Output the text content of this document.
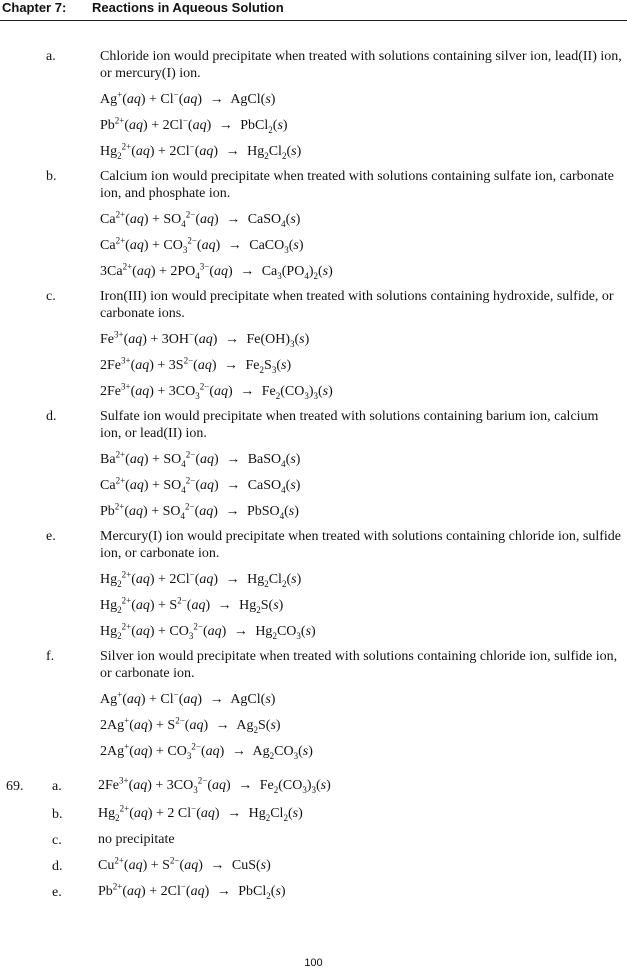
Chapter 7: Reactions in Aqueous Solution
a.	Chloride ion would precipitate when treated with solutions containing silver ion, lead(II) ion, or mercury(I) ion.
Ag+(aq) + Cl−(aq) → AgCl(s)
$Pb^{2+}(aq) + 2Cl^-(aq)$ → PbCl$_2$(s)
$Hg_2^{2+}(aq) + 2Cl^-(aq) \to Hg_2Cl_2(s)$
b.	Calcium ion would precipitate when treated with solutions containing sulfate ion, carbonate ion, and phosphate ion.
$Ca^{2+}(aq) + SO_4^{2-}(aq)$ → CaSO$_4$(s)
$Ca^{2+}(aq) + CO_3^{2-}(aq)$ → CaCO$_3$(s)
$3Ca^{2+}(aq) + 2PO_4^{3-}(aq) \to Ca_3(PO_4)_2(s)$
c.	Iron(III) ion would precipitate when treated with solutions containing hydroxide, sulfide, or carbonate ions.
$Fe^{3+}(aq) + 3OH^-(aq) \to Fe(OH)_3(s)$
$2Fe^{3+}(aq) + 3S^{2-}(aq) \to Fe_2S_3(s)$
$2Fe^{3+}(aq) + 3CO_3^{2-}(aq) \to Fe_2(CO_3)_3(s)$
d.	Sulfate ion would precipitate when treated with solutions containing barium ion, calcium ion, or lead(II) ion.
$Ba^{2+}(aq) + SO_4^{2-}(aq)$ → BaSO$_4$(s)
$Ca^{2+}(aq) + SO_4^{2-}(aq)$ → CaSO$_4$(s)
$Pb^{2+}(aq) + SO_4^{2-}(aq)$ → PbSO$_4$(s)
e.	Mercury(I) ion would precipitate when treated with solutions containing chloride ion, sulfide ion, or carbonate ion.
$Hg_2^{2+}(aq) + 2Cl^-(aq) \to Hg_2Cl_2(s)$
$Hg_2^{2+}(aq) + S^{2-}(aq) \to Hg_2S(s)$
$Hg_2^{2+}(aq) + CO_3^{2-}(aq) \to Hg_2CO_3(s)$
f.	Silver ion would precipitate when treated with solutions containing chloride ion, sulfide ion, or carbonate ion.
Ag+(aq) + Cl−(aq) → AgCl(s)
$2Ag^+(aq) + S^{2-}(aq) \to Ag_2S(s)$
$2Ag^+(aq) + CO_3^{2-}(aq) \to Ag_2CO_3(s)$
69. a.	$2Fe^{3+}(aq) + 3CO_3^{2-}(aq) \to Fe_2(CO_3)_3(s)$
b.	$Hg_2^{2+}(aq) + 2$ $Cl^-(aq) \to Hg_2Cl_2(s)$
c.	no precipitate
d.	$Cu^{2+}(aq) + S^{2-}(aq) \to CuS(s)$
e.	$Pb^{2+}(aq) + 2Cl^-(aq)$ → PbCl$_2$(s)
100
